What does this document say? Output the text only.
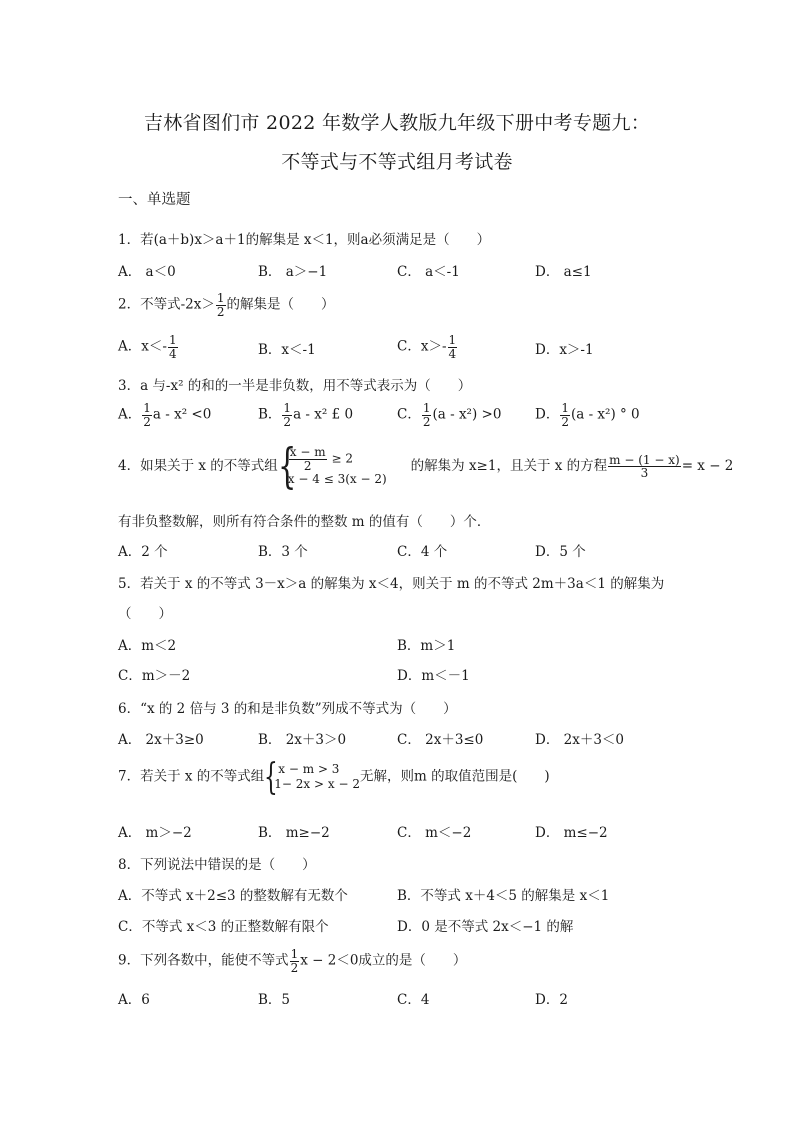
吉林省图们市 2022 年数学人教版九年级下册中考专题九：
不等式与不等式组月考试卷
一、单选题
1．若(a＋b)x＞a＋1的解集是 x＜1，则a必须满足是（　　）
A． a＜0	B． a＞−1	C． a＜-1	D． a≤1
2．不等式$-2x> \frac{1}{2}$ 的解集是（　　）
A．$x<- \frac{1}{4}$	B．x＜-1	C．$x>- \frac{1}{4}$	D．x＞-1
3．a 与-x² 的和的一半是非负数，用不等式表示为（　　）
A． $\frac{1}{2}$ a - x² <0	B． $\frac{1}{2}$ a - x² £ 0	C． $\frac{1}{2} (a - x^2) >0$ D． $\frac{1}{2} (a - x^2)$ ° 0
4．如果关于 x 的不等式组 {
$\frac{x - m}{2} \ge 2$
x − 4 ≤ 3(x − 2)
的解集为 x≥1，且关于 x 的方程 $\frac{m - (1 - x)}{3} = x - 2$
有非负整数解，则所有符合条件的整数 m 的值有（　　）个．
A．2 个	B．3 个	C．4 个	D．5 个
5．若关于 x 的不等式 3－x＞a 的解集为 x＜4，则关于 m 的不等式 2m＋3a＜1 的解集为
（　　）
A．m＜2	B．m＞1
C．m＞－2	D．m＜－1
6．“x 的 2 倍与 3 的和是非负数”列成不等式为（　　）
A． 2x＋3≥0	B． 2x＋3＞0	C． 2x＋3≤0	D． 2x＋3＜0
7．若关于 x 的不等式组 { x − m > 3
1− 2x > x − 2 无解，则m 的取值范围是(　　)
A． m＞−2	B． m≥−2	C． m＜−2	D． m≤−2
8．下列说法中错误的是（　　）
A．不等式 x＋2≤3 的整数解有无数个	B．不等式 x＋4＜5 的解集是 x＜1
C．不等式 x＜3 的正整数解有限个	D．0 是不等式 2x＜−1 的解
9．下列各数中，能使不等式 $\frac{1}{2}$ x − 2＜0成立的是（　　）
A．6	B．5	C．4	D．2
